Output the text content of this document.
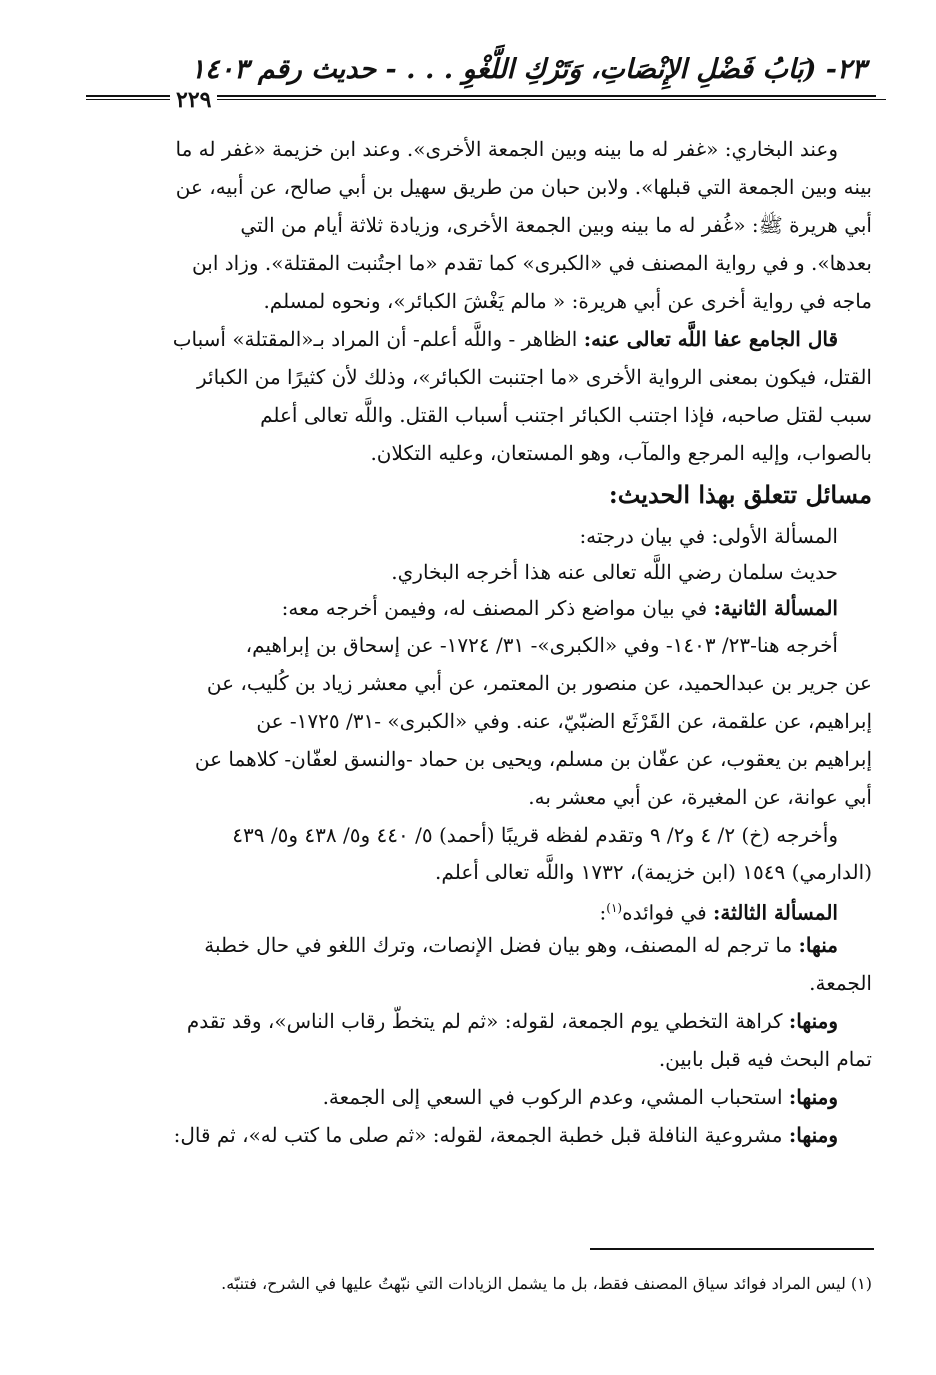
٢٣- (بَابُ فَضْلِ الإِنْصَاتِ، وَتَرْكِ اللَّغْوِ . . . - حديث رقم ١٤٠٣
٢٢٩
وعند البخاري: «غفر له ما بينه وبين الجمعة الأخرى». وعند ابن خزيمة «غفر له ما
بينه وبين الجمعة التي قبلها». ولابن حبان من طريق سهيل بن أبي صالح، عن أبيه، عن
أبي هريرة ﷺ: «غُفر له ما بينه وبين الجمعة الأخرى، وزيادة ثلاثة أيام من التي
بعدها». و في رواية المصنف في «الكبرى» كما تقدم «ما اجتُنبت المقتلة». وزاد ابن
ماجه في رواية أخرى عن أبي هريرة: « مالم يَغْشَ الكبائر»، ونحوه لمسلم.
قال الجامع عفا اللَّه تعالى عنه: الظاهر - واللَّه أعلم- أن المراد بـ«المقتلة» أسباب
القتل، فيكون بمعنى الرواية الأخرى «ما اجتنبت الكبائر»، وذلك لأن كثيرًا من الكبائر
سبب لقتل صاحبه، فإذا اجتنب الكبائر اجتنب أسباب القتل. واللَّه تعالى أعلم
بالصواب، وإليه المرجع والمآب، وهو المستعان، وعليه التكلان.
مسائل تتعلق بهذا الحديث:
المسألة الأولى: في بيان درجته:
حديث سلمان رضي اللَّه تعالى عنه هذا أخرجه البخاري.
المسألة الثانية: في بيان مواضع ذكر المصنف له، وفيمن أخرجه معه:
أخرجه هنا-٢٣/ ١٤٠٣- وفي «الكبرى»- ٣١/ ١٧٢٤- عن إسحاق بن إبراهيم،
عن جرير بن عبدالحميد، عن منصور بن المعتمر، عن أبي معشر زياد بن كُليب، عن
إبراهيم، عن علقمة، عن القَرْثَع الضبّيّ، عنه. وفي «الكبرى» -٣١/ ١٧٢٥- عن
إبراهيم بن يعقوب، عن عفّان بن مسلم، ويحيى بن حماد -والنسق لعفّان- كلاهما عن
أبي عوانة، عن المغيرة، عن أبي معشر به.
وأخرجه (خ) ٢/ ٤ و٢/ ٩ وتقدم لفظه قريبًا (أحمد) ٥/ ٤٤٠ و٥/ ٤٣٨ و٥/ ٤٣٩
(الدارمي) ١٥٤٩ (ابن خزيمة)، ١٧٣٢ واللَّه تعالى أعلم.
المسألة الثالثة: في فوائده$^{(١)}$:
منها: ما ترجم له المصنف، وهو بيان فضل الإنصات، وترك اللغو في حال خطبة
الجمعة.
ومنها: كراهة التخطي يوم الجمعة، لقوله: «ثم لم يتخطّ رقاب الناس»، وقد تقدم
تمام البحث فيه قبل بابين.
ومنها: استحباب المشي، وعدم الركوب في السعي إلى الجمعة.
ومنها: مشروعية النافلة قبل خطبة الجمعة، لقوله: «ثم صلى ما كتب له»، ثم قال:
(١) ليس المراد فوائد سياق المصنف فقط، بل ما يشمل الزيادات التي نبّهتُ عليها في الشرح، فتنبّه.
